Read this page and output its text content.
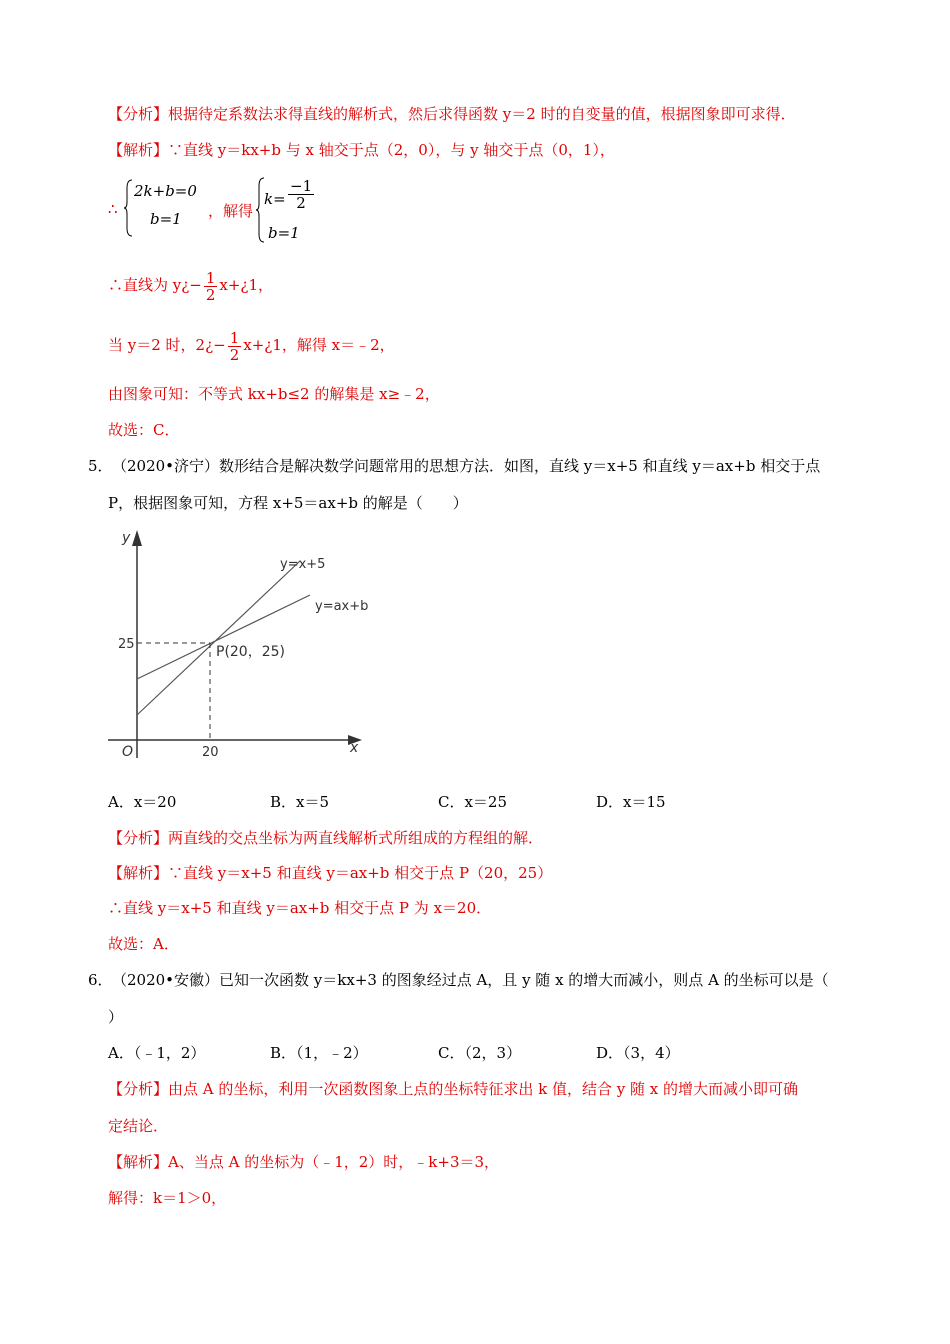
【分析】根据待定系数法求得直线的解析式，然后求得函数 y＝2 时的自变量的值，根据图象即可求得．
【解析】∵直线 y＝kx+b 与 x 轴交于点（2，0），与 y 轴交于点（0，1），
∴
2k+b=0
b=1 ，解得
$k= \frac{-1}{2}$
b=1
∴直线为 y¿− $\frac{1}{2}$ x+¿1，
当 y＝2 时，2¿− $\frac{1}{2}$ x+¿1，解得 x＝﹣2，
由图象可知：不等式 kx+b≤2 的解集是 x≥﹣2，
故选：C．
5． （2020•济宁）数形结合是解决数学问题常用的思想方法．如图，直线 y＝x+5 和直线 y＝ax+b 相交于点
P，根据图象可知，方程 x+5＝ax+b 的解是（　　）
y
x
O
25
20
y=x+5
y=ax+b
P(20，25)
A．x＝20	B．x＝5	C．x＝25	D．x＝15
【分析】两直线的交点坐标为两直线解析式所组成的方程组的解．
【解析】∵直线 y＝x+5 和直线 y＝ax+b 相交于点 P（20，25）
∴直线 y＝x+5 和直线 y＝ax+b 相交于点 P 为 x＝20．
故选：A．
6． （2020•安徽）已知一次函数 y＝kx+3 的图象经过点 A，且 y 随 x 的增大而减小，则点 A 的坐标可以是（
）
A．（﹣1，2）	B．（1，﹣2）	C．（2，3）	D．（3，4）
【分析】由点 A 的坐标，利用一次函数图象上点的坐标特征求出 k 值，结合 y 随 x 的增大而减小即可确
定结论．
【解析】A、当点 A 的坐标为（﹣1，2）时，﹣k+3＝3，
解得：k＝1＞0，
